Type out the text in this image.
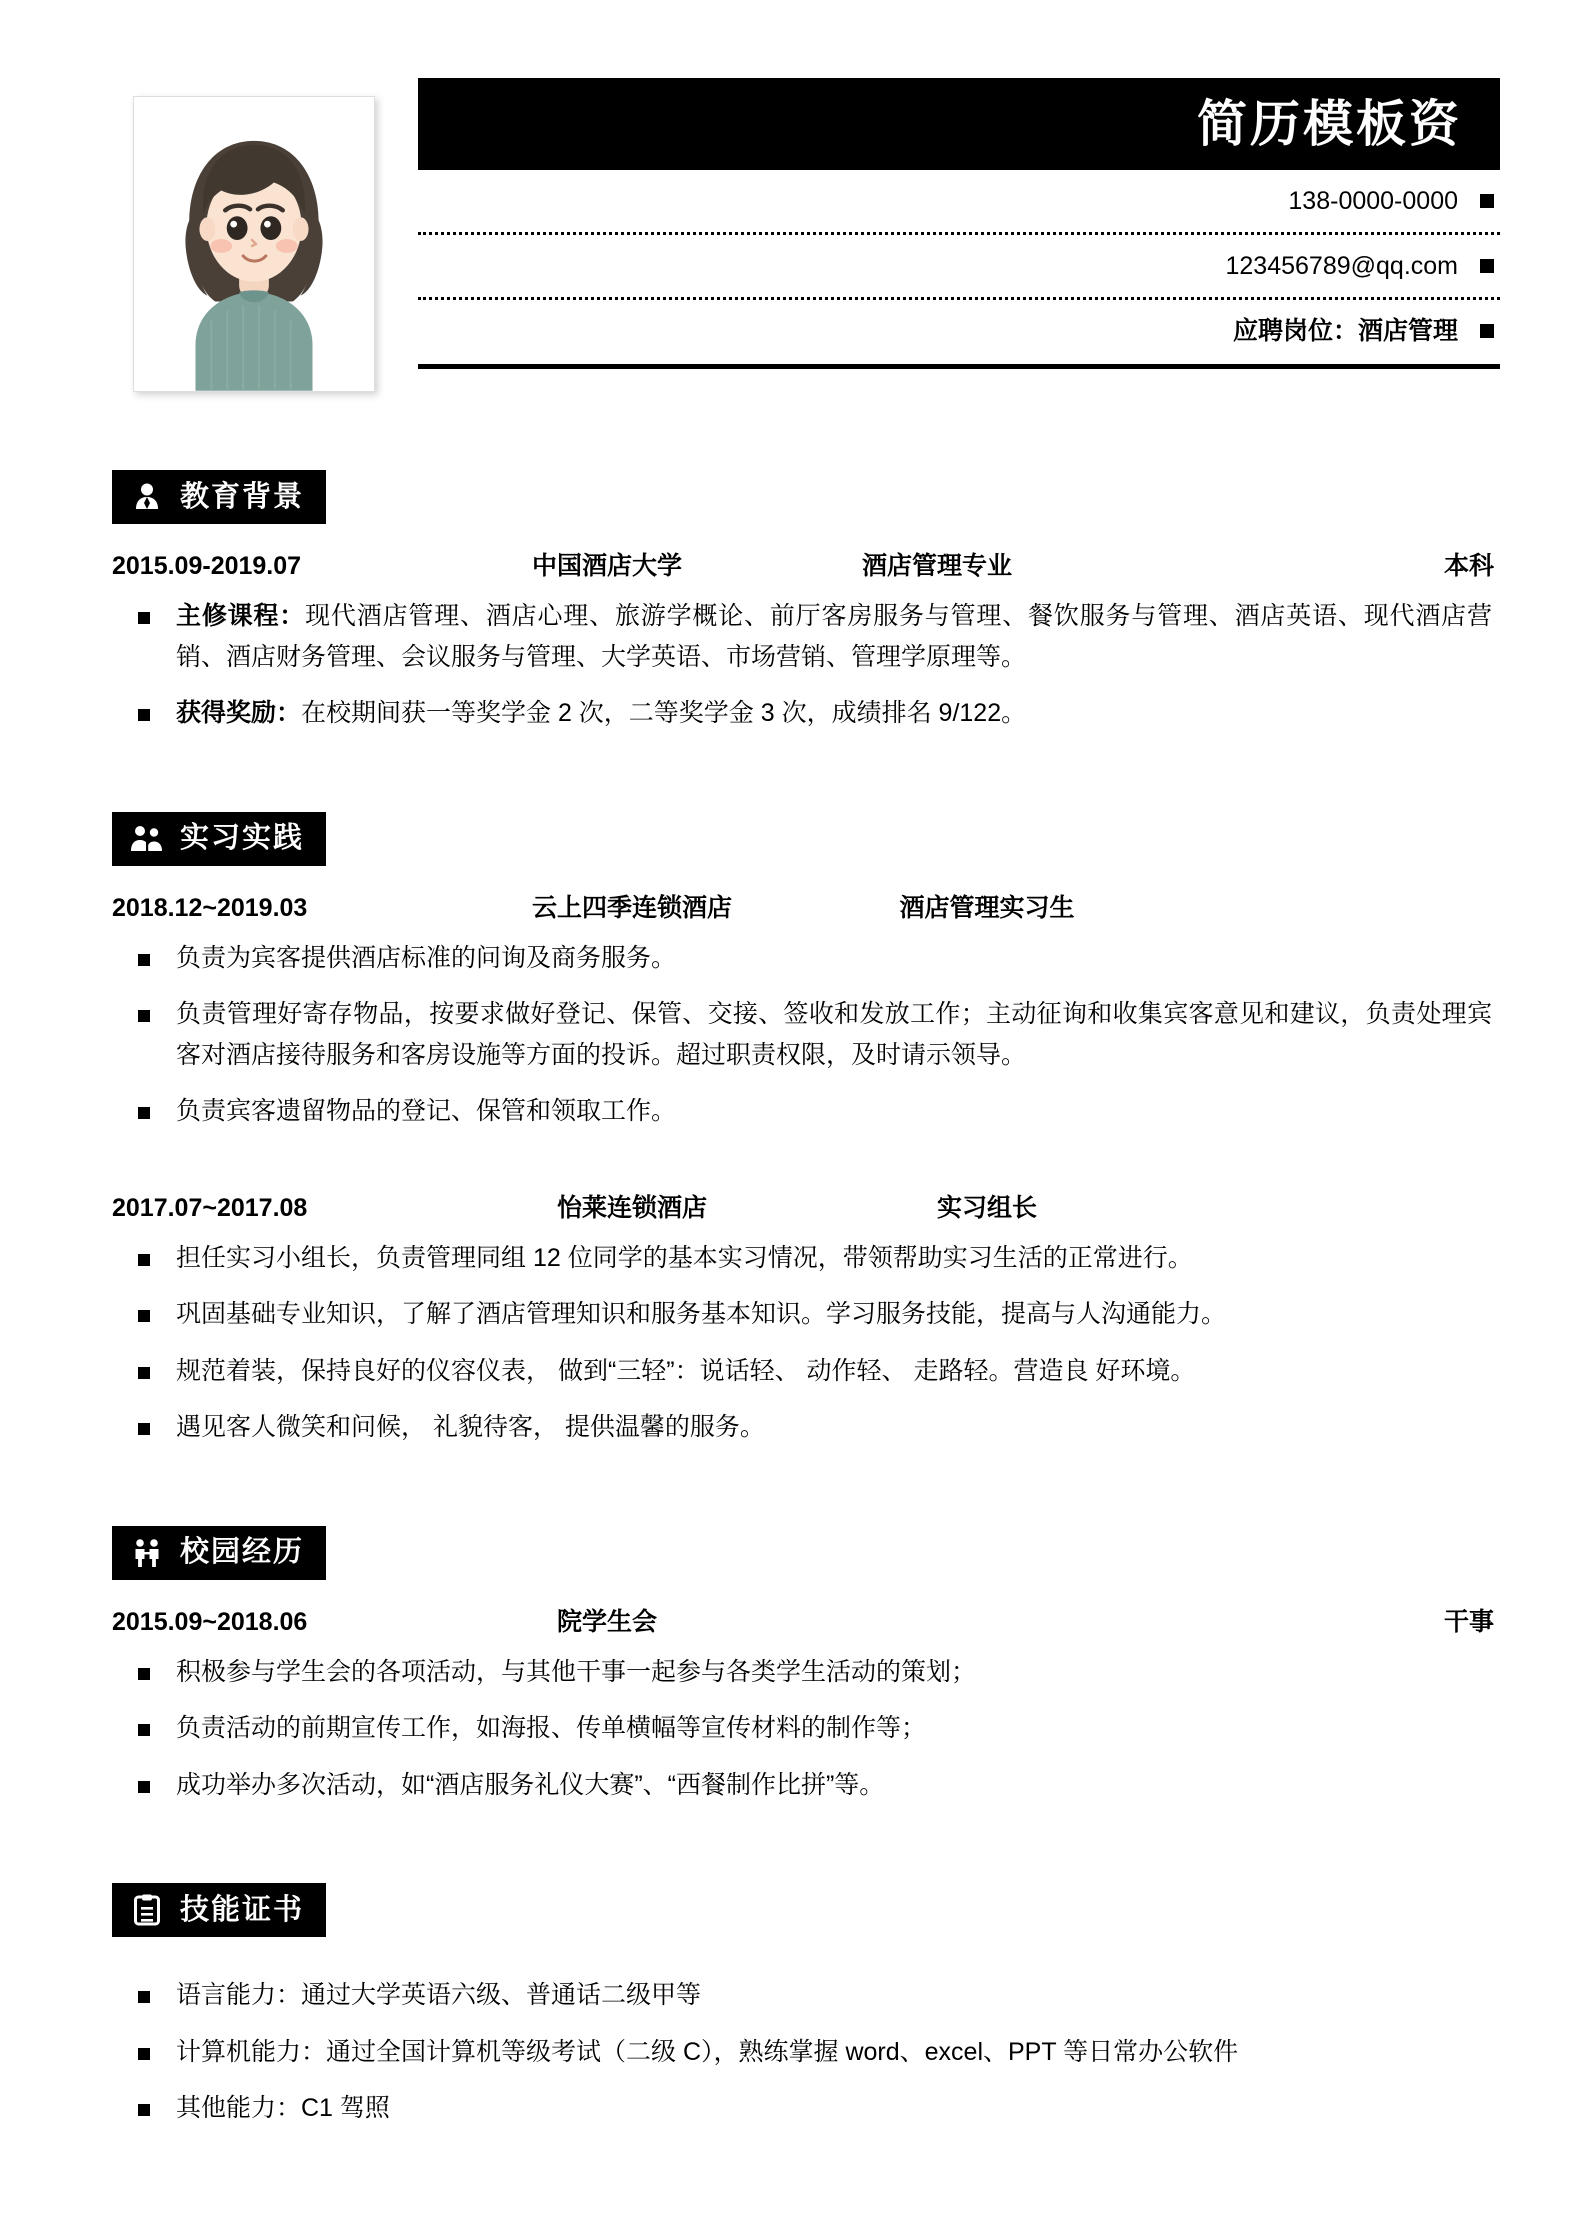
简历模板资
138-0000-0000
123456789@qq.com
应聘岗位：酒店管理
教育背景
2015.09-2019.07	中国酒店大学	酒店管理专业	本科
主修课程：现代酒店管理、酒店心理、旅游学概论、前厅客房服务与管理、餐饮服务与管理、酒店英语、现代酒店营销、酒店财务管理、会议服务与管理、大学英语、市场营销、管理学原理等。
获得奖励：在校期间获一等奖学金 2 次，二等奖学金 3 次，成绩排名 9/122。
实习实践
2018.12~2019.03	云上四季连锁酒店	酒店管理实习生
负责为宾客提供酒店标准的问询及商务服务。
负责管理好寄存物品，按要求做好登记、保管、交接、签收和发放工作；主动征询和收集宾客意见和建议，负责处理宾客对酒店接待服务和客房设施等方面的投诉。超过职责权限，及时请示领导。
负责宾客遗留物品的登记、保管和领取工作。
2017.07~2017.08	怡莱连锁酒店	实习组长
担任实习小组长，负责管理同组 12 位同学的基本实习情况，带领帮助实习生活的正常进行。
巩固基础专业知识，了解了酒店管理知识和服务基本知识。学习服务技能，提高与人沟通能力。
规范着装，保持良好的仪容仪表， 做到“三轻”：说话轻、 动作轻、 走路轻。营造良 好环境。
遇见客人微笑和问候， 礼貌待客， 提供温馨的服务。
校园经历
2015.09~2018.06	院学生会	干事
积极参与学生会的各项活动，与其他干事一起参与各类学生活动的策划；
负责活动的前期宣传工作，如海报、传单横幅等宣传材料的制作等；
成功举办多次活动，如“酒店服务礼仪大赛”、“西餐制作比拼”等。
技能证书
语言能力：通过大学英语六级、普通话二级甲等
计算机能力：通过全国计算机等级考试（二级 C），熟练掌握 word、excel、PPT 等日常办公软件
其他能力：C1 驾照
